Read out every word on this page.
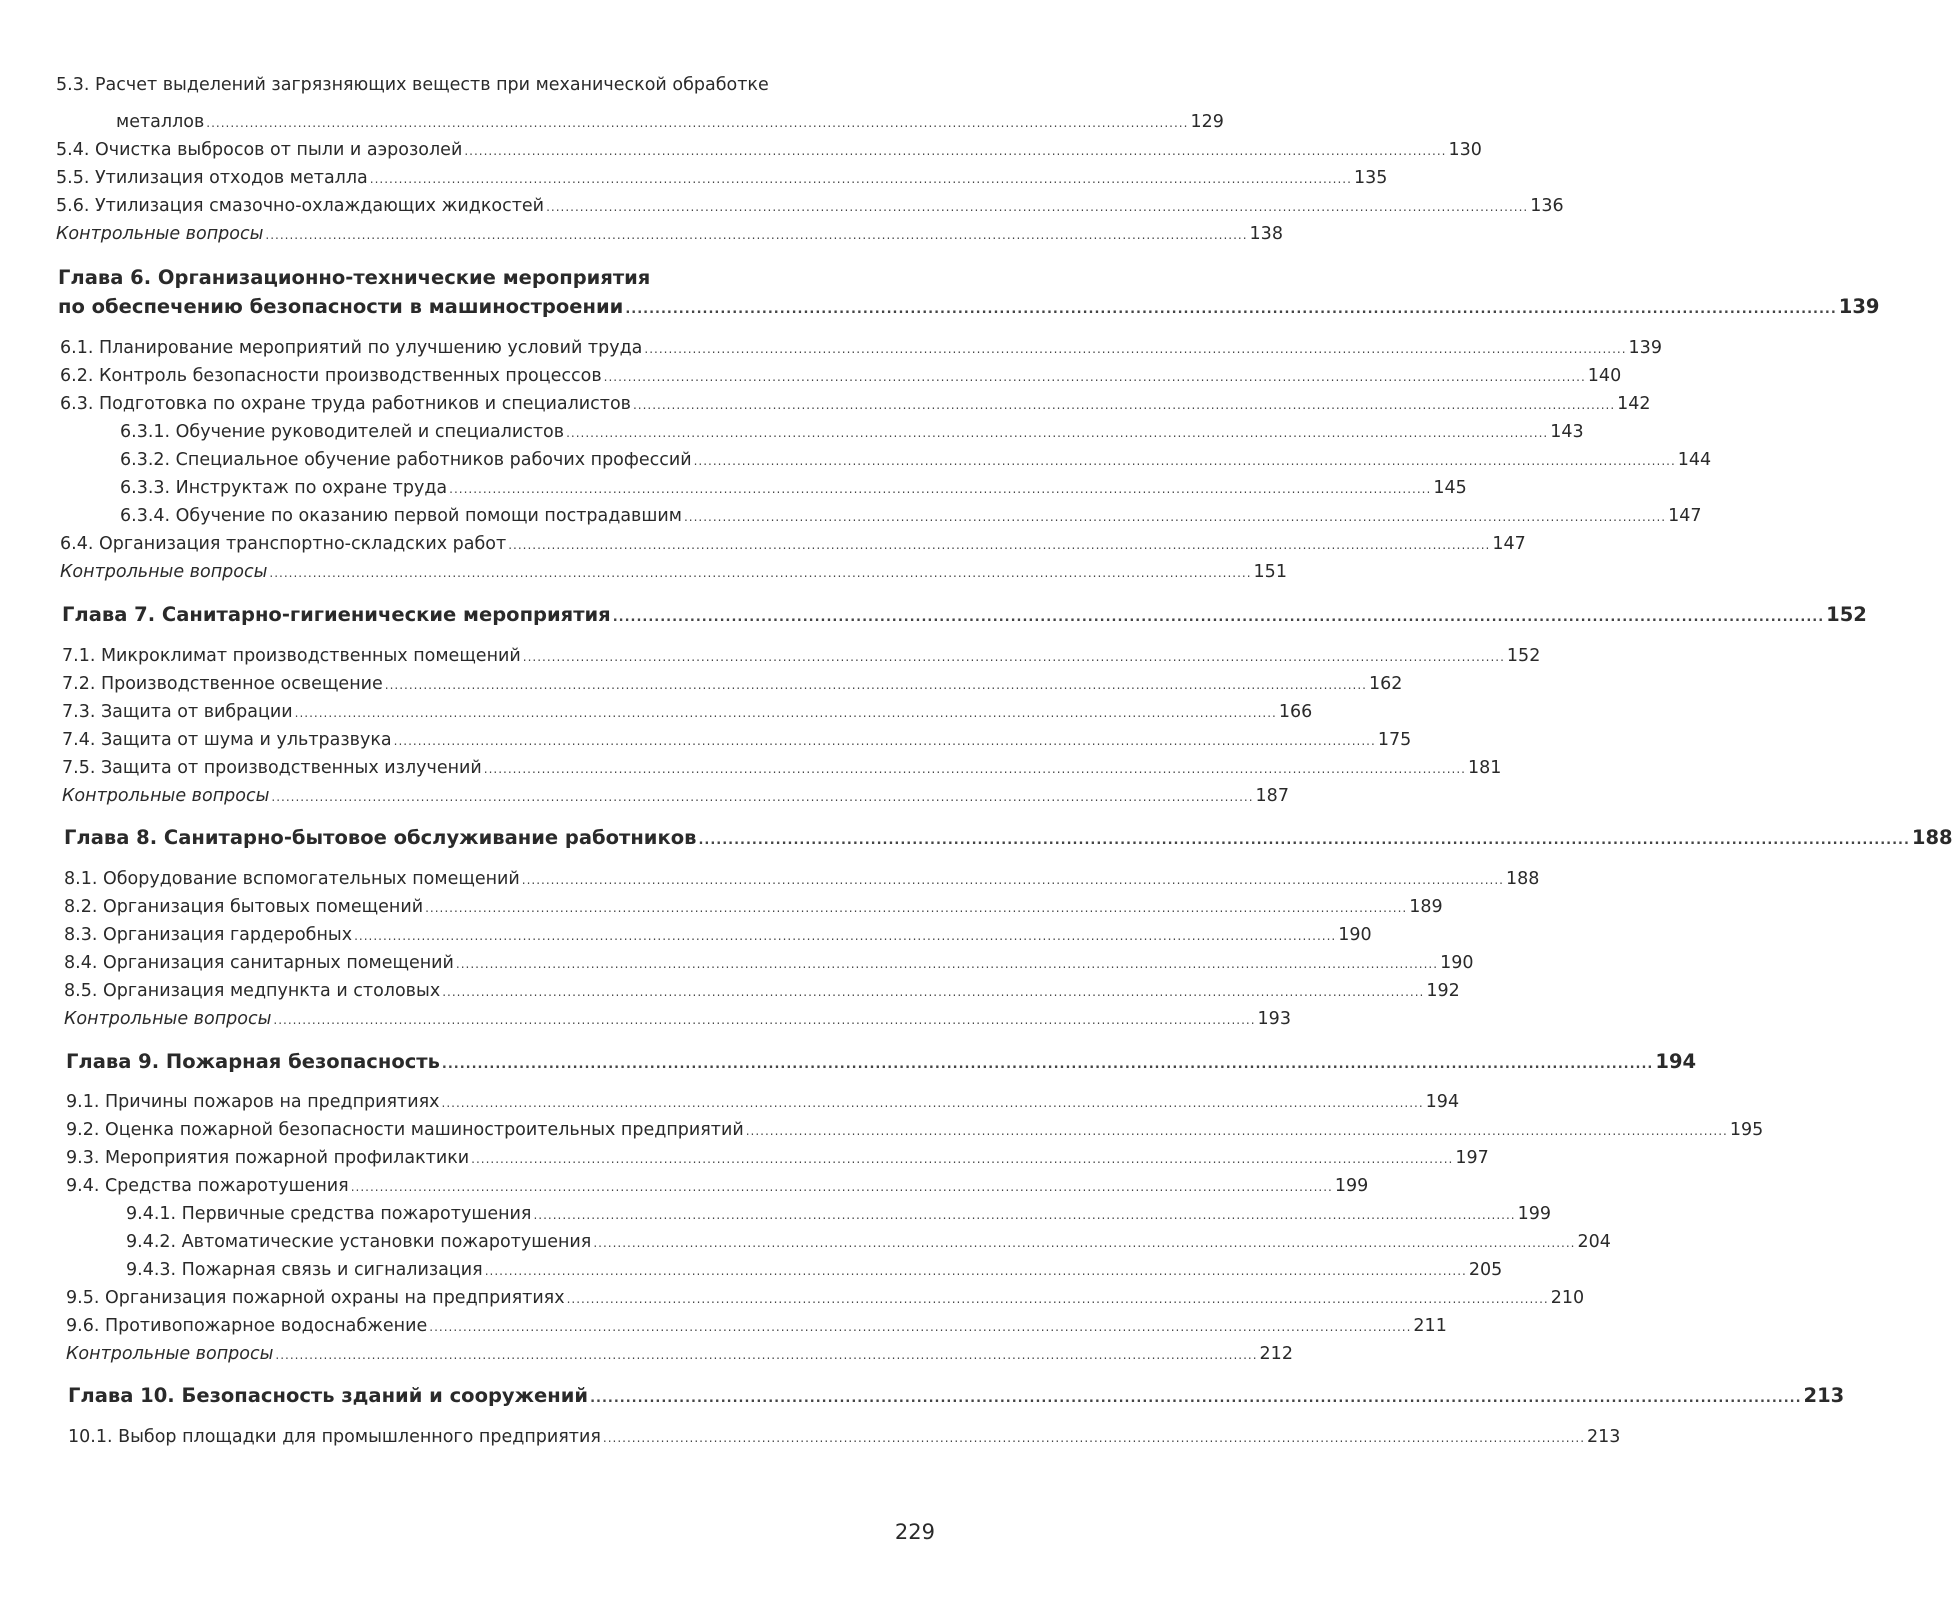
5.3. Расчет выделений загрязняющих веществ при механической обработке
металлов ............................................................................................................................................................................................................ 129
5.4. Очистка выбросов от пыли и аэрозолей ............................................................................................................................................................................................................ 130
5.5. Утилизация отходов металла ............................................................................................................................................................................................................ 135
5.6. Утилизация смазочно-охлаждающих жидкостей ............................................................................................................................................................................................................ 136
Контрольные вопросы ............................................................................................................................................................................................................ 138
Глава 6. Организационно-технические мероприятия
по обеспечению безопасности в машиностроении ............................................................................................................................................................................................................ 139
6.1. Планирование мероприятий по улучшению условий труда ............................................................................................................................................................................................................ 139
6.2. Контроль безопасности производственных процессов ............................................................................................................................................................................................................ 140
6.3. Подготовка по охране труда работников и специалистов ............................................................................................................................................................................................................ 142
6.3.1. Обучение руководителей и специалистов ............................................................................................................................................................................................................ 143
6.3.2. Специальное обучение работников рабочих профессий ............................................................................................................................................................................................................ 144
6.3.3. Инструктаж по охране труда ............................................................................................................................................................................................................ 145
6.3.4. Обучение по оказанию первой помощи пострадавшим ............................................................................................................................................................................................................ 147
6.4. Организация транспортно-складских работ ............................................................................................................................................................................................................ 147
Контрольные вопросы ............................................................................................................................................................................................................ 151
Глава 7. Санитарно-гигиенические мероприятия ............................................................................................................................................................................................................ 152
7.1. Микроклимат производственных помещений ............................................................................................................................................................................................................ 152
7.2. Производственное освещение ............................................................................................................................................................................................................ 162
7.3. Защита от вибрации ............................................................................................................................................................................................................ 166
7.4. Защита от шума и ультразвука ............................................................................................................................................................................................................ 175
7.5. Защита от производственных излучений ............................................................................................................................................................................................................ 181
Контрольные вопросы ............................................................................................................................................................................................................ 187
Глава 8. Санитарно-бытовое обслуживание работников ............................................................................................................................................................................................................ 188
8.1. Оборудование вспомогательных помещений ............................................................................................................................................................................................................ 188
8.2. Организация бытовых помещений ............................................................................................................................................................................................................ 189
8.3. Организация гардеробных ............................................................................................................................................................................................................ 190
8.4. Организация санитарных помещений ............................................................................................................................................................................................................ 190
8.5. Организация медпункта и столовых ............................................................................................................................................................................................................ 192
Контрольные вопросы ............................................................................................................................................................................................................ 193
Глава 9. Пожарная безопасность ............................................................................................................................................................................................................ 194
9.1. Причины пожаров на предприятиях ............................................................................................................................................................................................................ 194
9.2. Оценка пожарной безопасности машиностроительных предприятий ............................................................................................................................................................................................................ 195
9.3. Мероприятия пожарной профилактики ............................................................................................................................................................................................................ 197
9.4. Средства пожаротушения ............................................................................................................................................................................................................ 199
9.4.1. Первичные средства пожаротушения ............................................................................................................................................................................................................ 199
9.4.2. Автоматические установки пожаротушения ............................................................................................................................................................................................................ 204
9.4.3. Пожарная связь и сигнализация ............................................................................................................................................................................................................ 205
9.5. Организация пожарной охраны на предприятиях ............................................................................................................................................................................................................ 210
9.6. Противопожарное водоснабжение ............................................................................................................................................................................................................ 211
Контрольные вопросы ............................................................................................................................................................................................................ 212
Глава 10. Безопасность зданий и сооружений ............................................................................................................................................................................................................ 213
10.1. Выбор площадки для промышленного предприятия ............................................................................................................................................................................................................ 213
229
